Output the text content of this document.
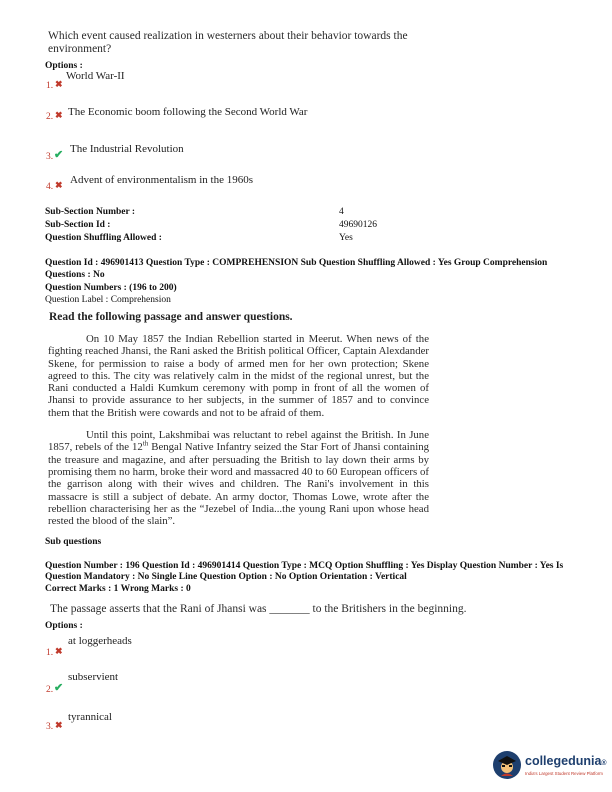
Which event caused realization in westerners about their behavior towards the environment?
Options :
1. ✖
World War-II
2. ✖ The Economic boom following the Second World War
3. ✔ The Industrial Revolution
4. ✖ Advent of environmentalism in the 1960s
Sub-Section Number :	4
Sub-Section Id :	49690126
Question Shuffling Allowed :	Yes
Question Id : 496901413 Question Type : COMPREHENSION Sub Question Shuffling Allowed : Yes Group Comprehension
Questions : No
Question Numbers : (196 to 200)
Question Label : Comprehension
Read the following passage and answer questions.

On 10 May 1857 the Indian Rebellion started in Meerut. When news of the fighting reached Jhansi, the Rani asked the British political Officer, Captain Alexdander Skene, for permission to raise a body of armed men for her own protection; Skene agreed to this. The city was relatively calm in the midst of the regional unrest, but the Rani conducted a Haldi Kumkum ceremony with pomp in front of all the women of Jhansi to provide assurance to her subjects, in the summer of 1857 and to convince them that the British were cowards and not to be afraid of them.

Until this point, Lakshmibai was reluctant to rebel against the British. In June 1857, rebels of the 12th Bengal Native Infantry seized the Star Fort of Jhansi containing the treasure and magazine, and after persuading the British to lay down their arms by promising them no harm, broke their word and massacred 40 to 60 European officers of the garrison along with their wives and children. The Rani's involvement in this massacre is still a subject of debate. An army doctor, Thomas Lowe, wrote after the rebellion characterising her as the “Jezebel of India...the young Rani upon whose head rested the blood of the slain”.

Sub questions
Question Number : 196 Question Id : 496901414 Question Type : MCQ Option Shuffling : Yes Display Question Number : Yes Is
Question Mandatory : No Single Line Question Option : No Option Orientation : Vertical
Correct Marks : 1 Wrong Marks : 0
The passage asserts that the Rani of Jhansi was _______ to the Britishers in the beginning.
Options :
1. ✖
at loggerheads
2. ✔
subservient
3. ✖
tyrannical
collegedunia®
India's Largest Student Review Platform
